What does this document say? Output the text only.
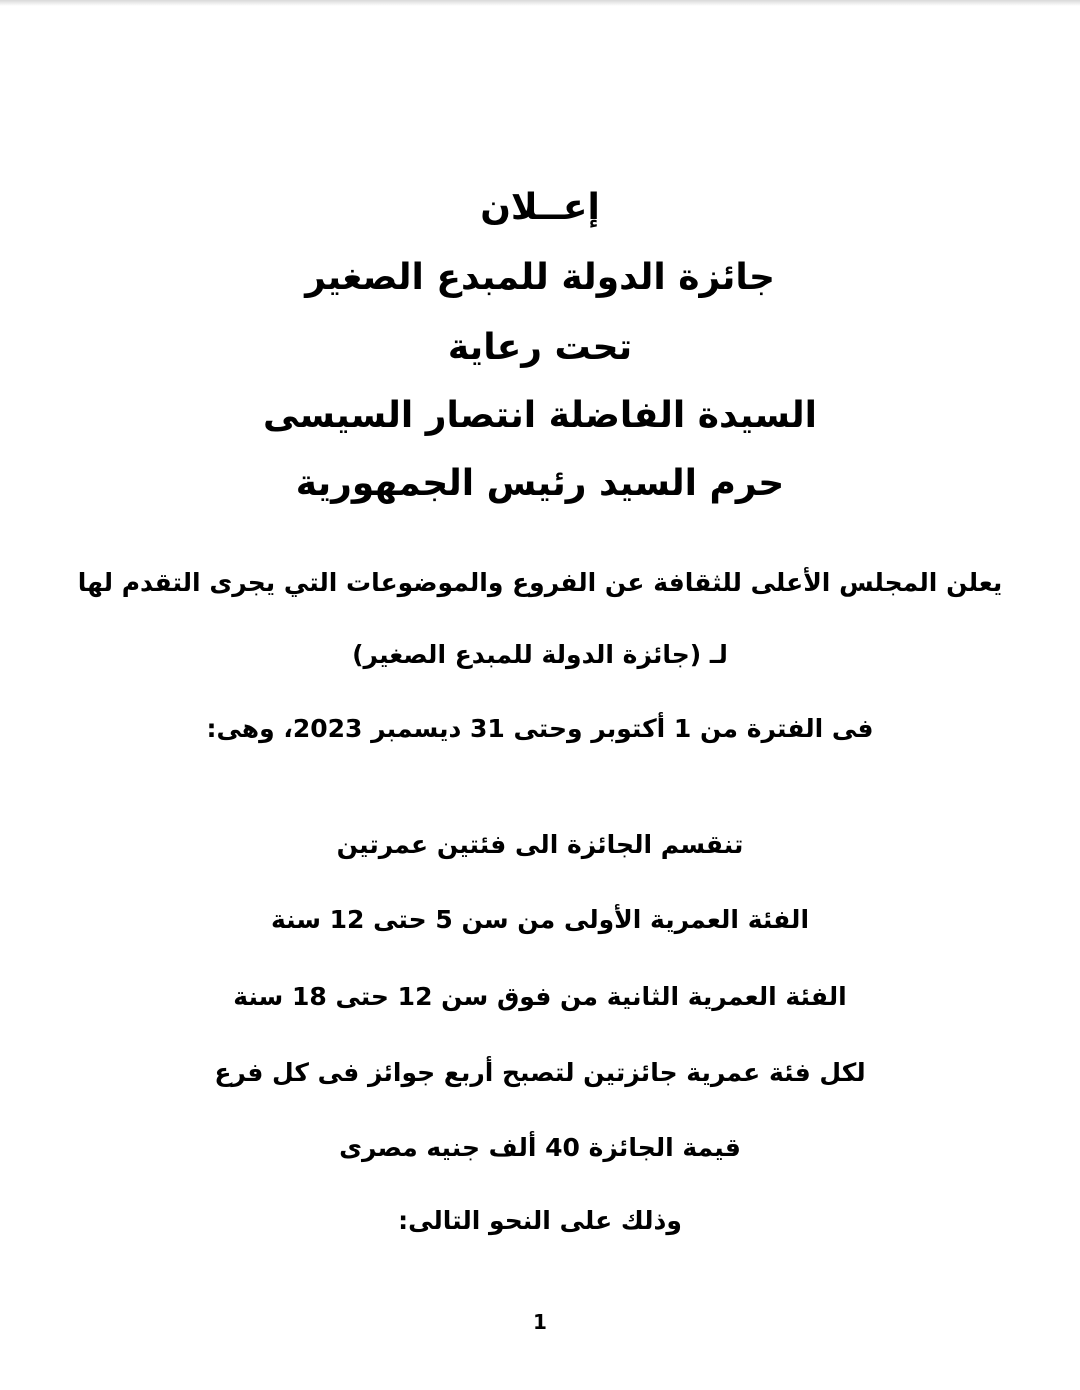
إعــلان
جائزة الدولة للمبدع الصغير
تحت رعاية
السيدة الفاضلة انتصار السيسى
حرم السيد رئيس الجمهورية
يعلن المجلس الأعلى للثقافة عن الفروع والموضوعات التي يجرى التقدم لها
لـ (جائزة الدولة للمبدع الصغير)
فى الفترة من 1 أكتوبر وحتى 31 ديسمبر 2023، وهى:
تنقسم الجائزة الى فئتين عمرتين
الفئة العمرية الأولى من سن 5 حتى 12 سنة
الفئة العمرية الثانية من فوق سن 12 حتى 18 سنة
لكل فئة عمرية جائزتين لتصبح أربع جوائز فى كل فرع
قيمة الجائزة 40 ألف جنيه مصرى
وذلك على النحو التالى:
1
